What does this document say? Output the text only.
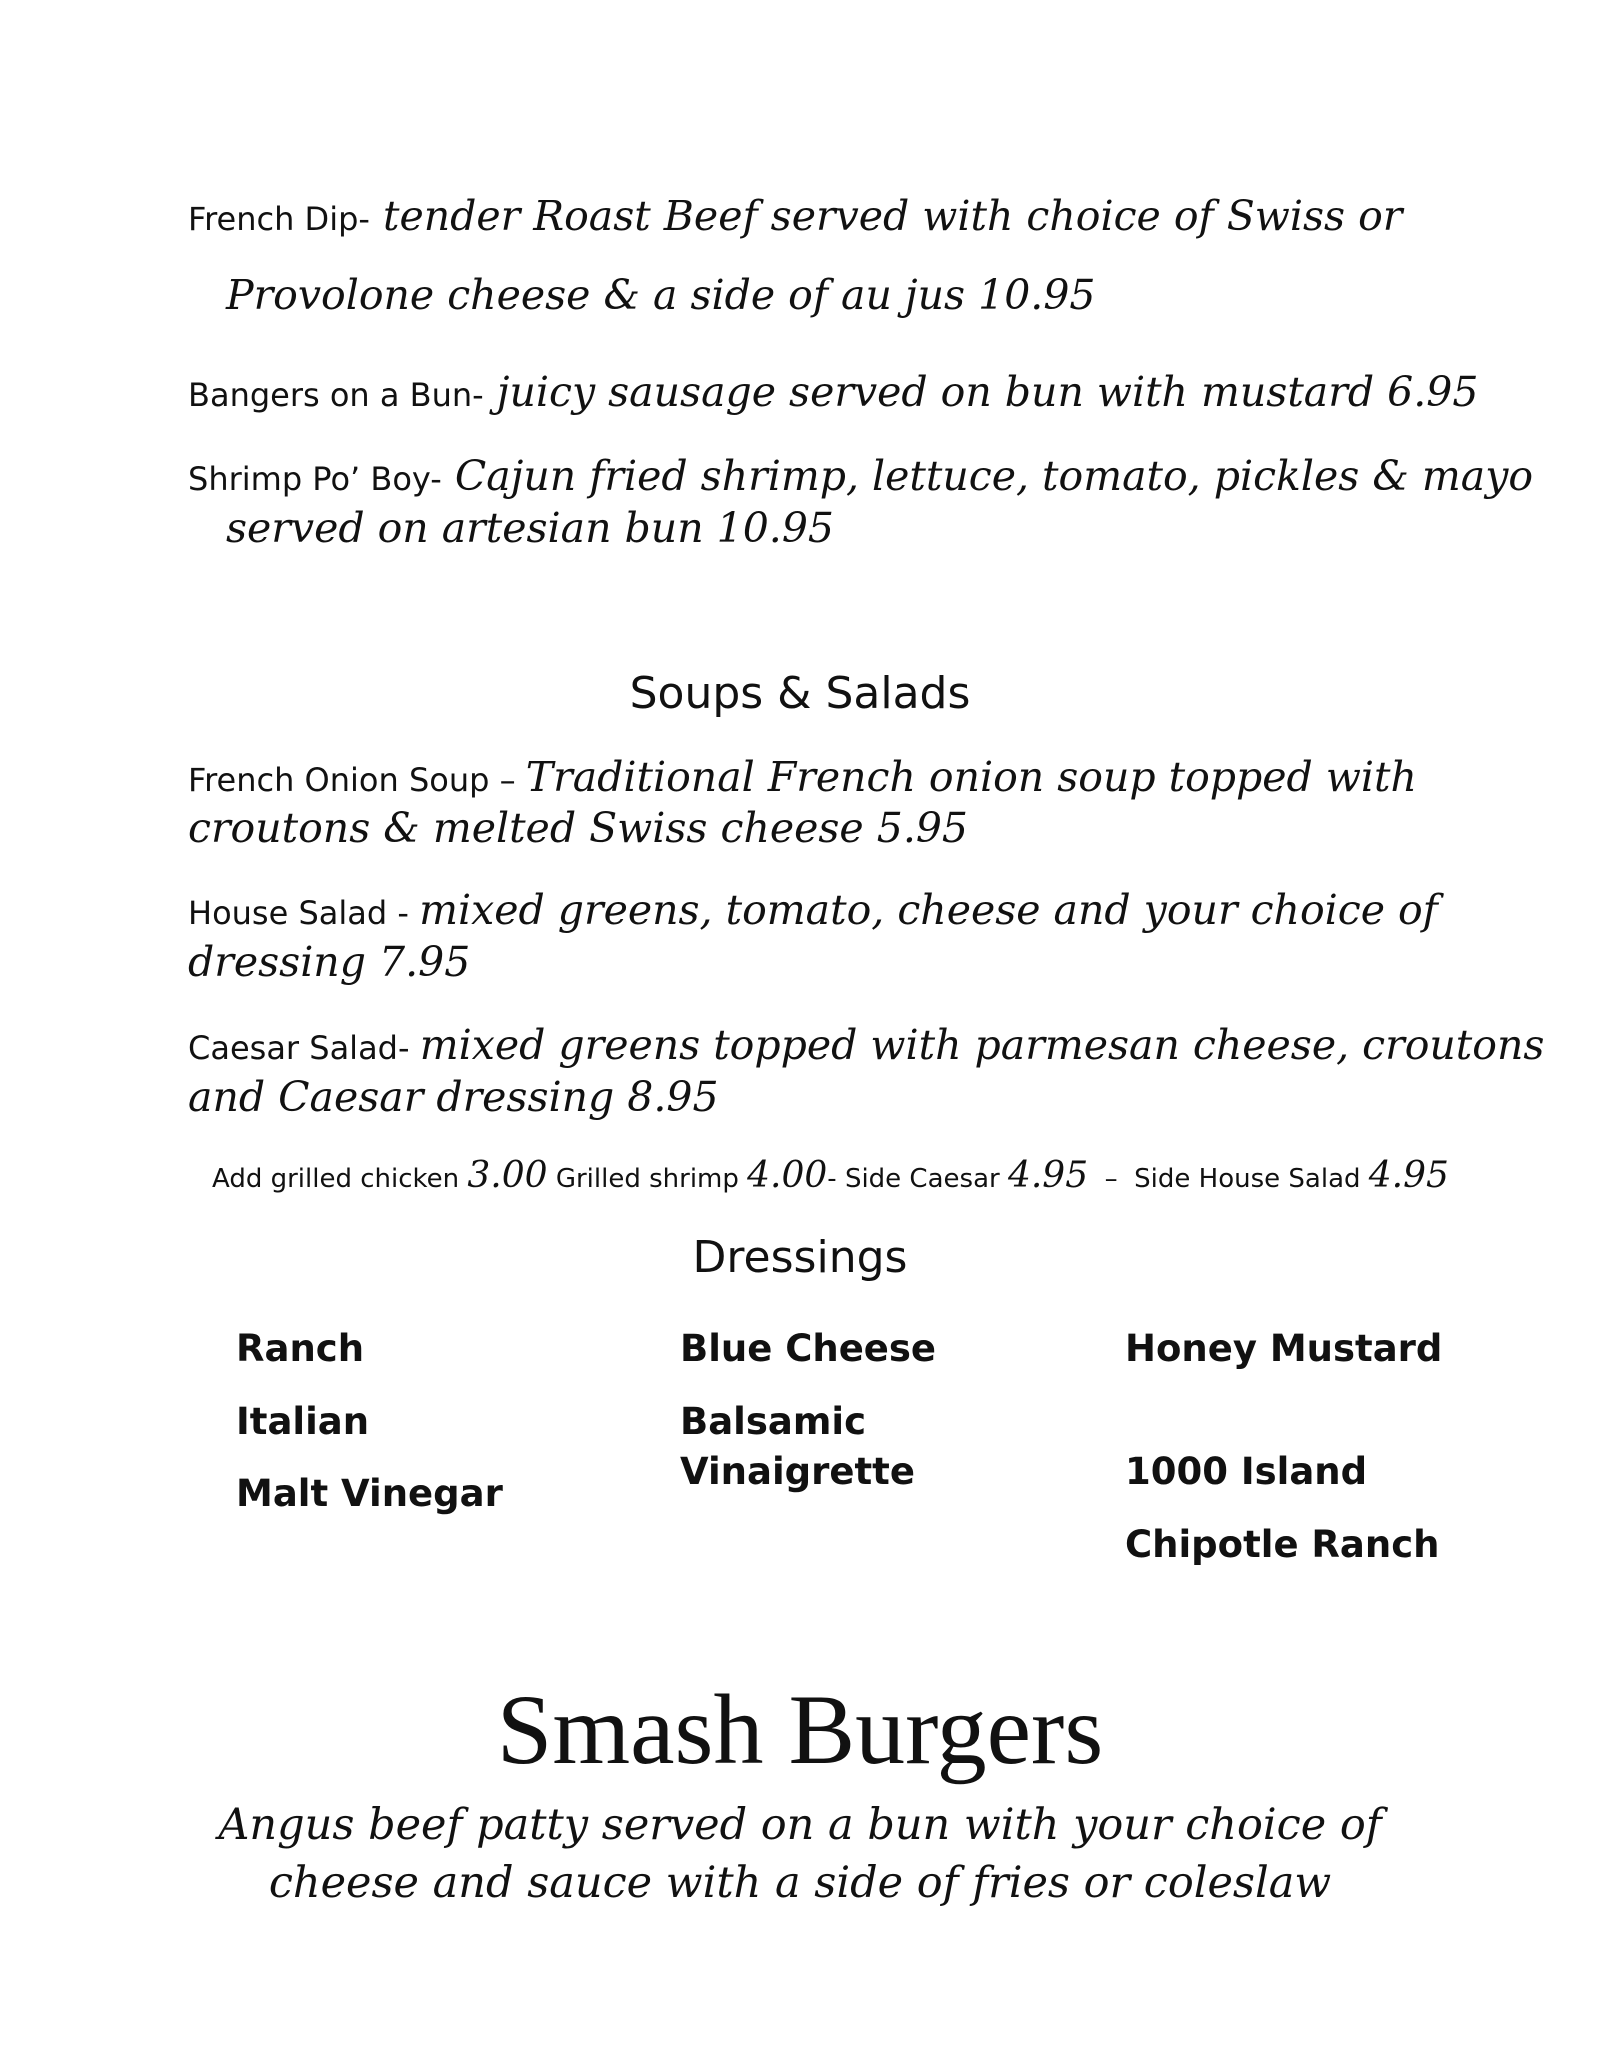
French Dip- tender Roast Beef served with choice of Swiss or
Provolone cheese & a side of au jus 10.95
Bangers on a Bun- juicy sausage served on bun with mustard 6.95
Shrimp Po’ Boy- Cajun fried shrimp, lettuce, tomato, pickles & mayo
served on artesian bun 10.95
Soups & Salads
French Onion Soup – Traditional French onion soup topped with
croutons & melted Swiss cheese 5.95
House Salad - mixed greens, tomato, cheese and your choice of
dressing 7.95
Caesar Salad- mixed greens topped with parmesan cheese, croutons
and Caesar dressing 8.95
Add grilled chicken 3.00 Grilled shrimp 4.00- Side Caesar 4.95  –  Side House Salad 4.95
Dressings
Ranch
Italian
Malt Vinegar
Blue Cheese
Balsamic
Vinaigrette
Honey Mustard
1000 Island
Chipotle Ranch
Smash Burgers
Angus beef patty served on a bun with your choice of
cheese and sauce with a side of fries or coleslaw
